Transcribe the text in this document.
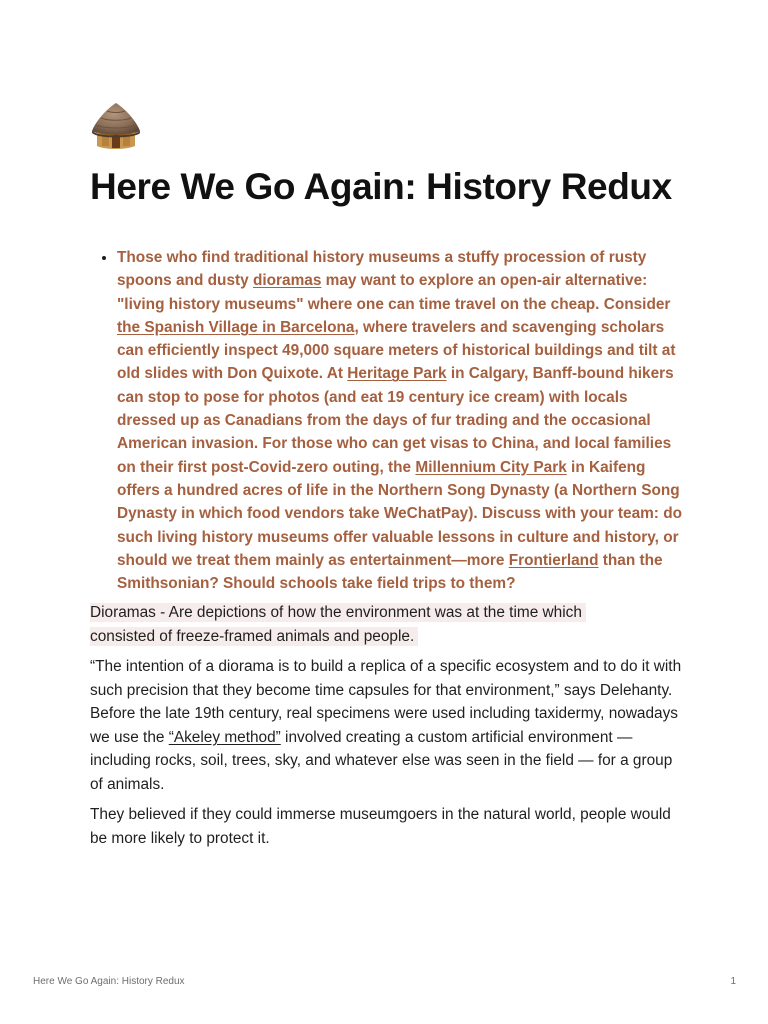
Here We Go Again: History Redux
• Those who find traditional history museums a stuffy procession of rusty spoons and dusty dioramas may want to explore an open-air alternative: "living history museums" where one can time travel on the cheap. Consider the Spanish Village in Barcelona, where travelers and scavenging scholars can efficiently inspect 49,000 square meters of historical buildings and tilt at old slides with Don Quixote. At Heritage Park in Calgary, Banff-bound hikers can stop to pose for photos (and eat 19 century ice cream) with locals dressed up as Canadians from the days of fur trading and the occasional American invasion. For those who can get visas to China, and local families on their first post-Covid-zero outing, the Millennium City Park in Kaifeng offers a hundred acres of life in the Northern Song Dynasty (a Northern Song Dynasty in which food vendors take WeChatPay). Discuss with your team: do such living history museums offer valuable lessons in culture and history, or should we treat them mainly as entertainment—more Frontierland than the Smithsonian? Should schools take field trips to them?

Dioramas - Are depictions of how the environment was at the time which
consisted of freeze-framed animals and people.

“The intention of a diorama is to build a replica of a specific ecosystem and to do it with such precision that they become time capsules for that environment,” says Delehanty. Before the late 19th century, real specimens were used including taxidermy, nowadays we use the “Akeley method” involved creating a custom artificial environment — including rocks, soil, trees, sky, and whatever else was seen in the field — for a group of animals.

They believed if they could immerse museumgoers in the natural world, people would be more likely to protect it.

Here We Go Again: History Redux	1
